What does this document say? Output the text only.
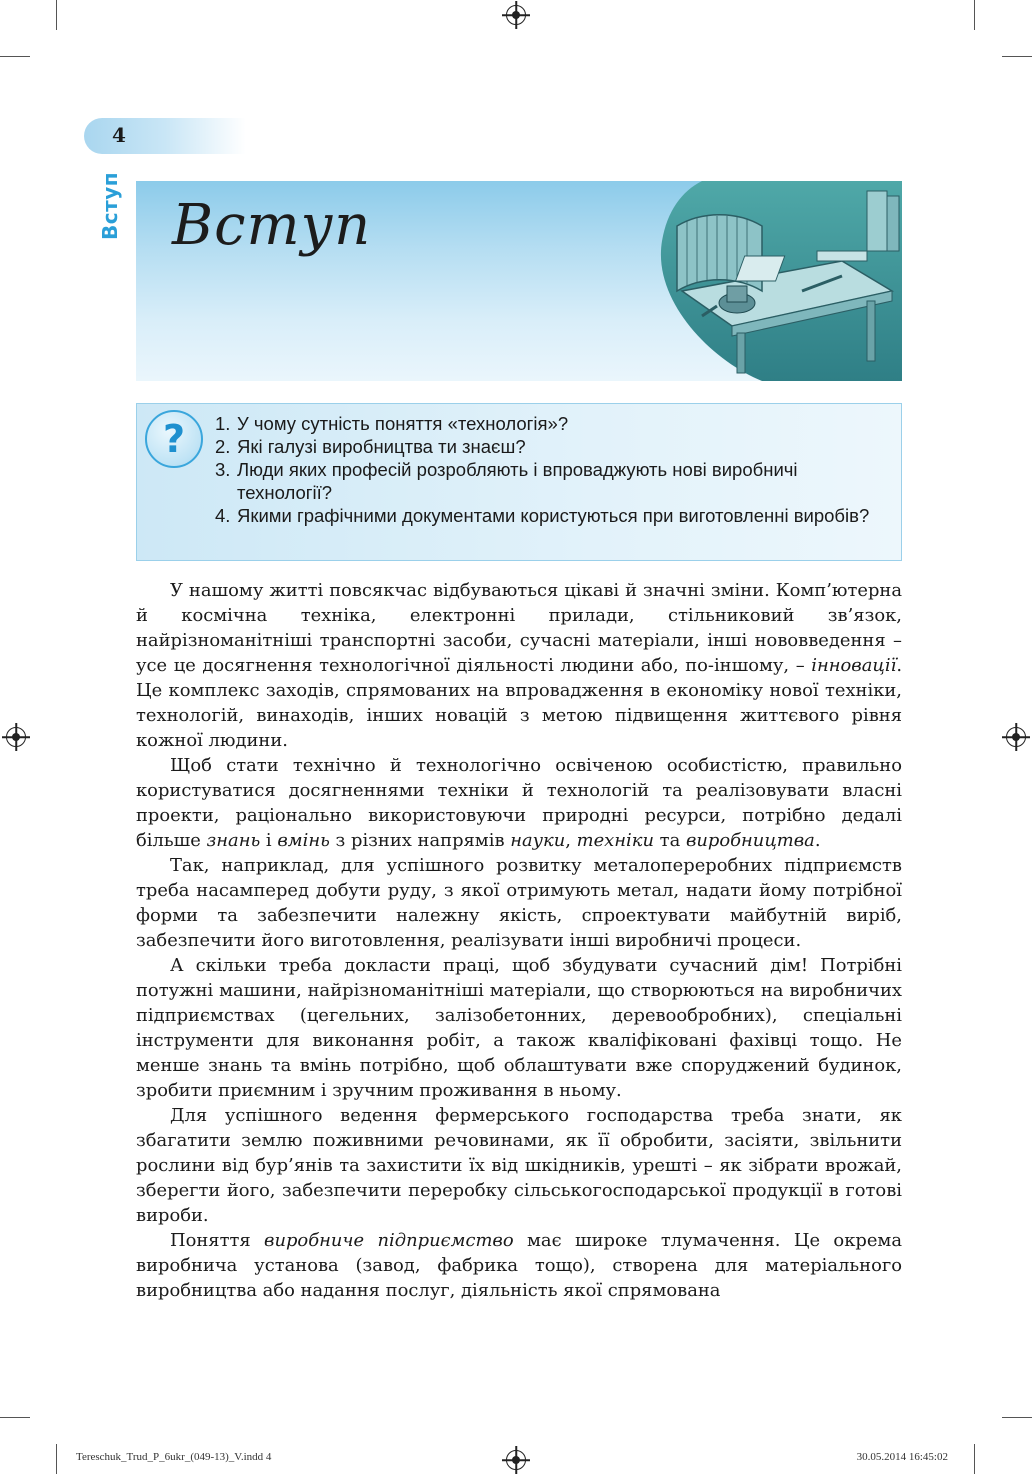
4
Вступ Вступ
?	1. У чому сутність поняття «технологія»?
2. Які галузі виробництва ти знаєш?
3. Люди яких професій розробляють і впроваджують нові виробничі технології?
4. Якими графічними документами користуються при виготовленні виробів?

У нашому житті повсякчас відбуваються цікаві й значні зміни. Комп’ютерна й космічна техніка, електронні прилади, стільниковий зв’язок, найрізноманітніші транспортні засоби, сучасні матеріали, інші нововведення – усе це досягнення технологічної діяльності людини або, по-іншому, – інновації. Це комплекс заходів, спрямованих на впровадження в економіку нової техніки, технологій, винаходів, інших новацій з метою підвищення життєвого рівня кожної людини.

Щоб стати технічно й технологічно освіченою особистістю, правильно користуватися досягненнями техніки й технологій та реалізовувати власні проекти, раціонально використовуючи природні ресурси, потрібно дедалі більше знань і вмінь з різних напрямів науки, техніки та виробництва.

Так, наприклад, для успішного розвитку металопереробних підприємств треба насамперед добути руду, з якої отримують метал, надати йому потрібної форми та забезпечити належну якість, спроектувати майбутній виріб, забезпечити його виготовлення, реалізувати інші виробничі процеси.

А скільки треба докласти праці, щоб збудувати сучасний дім! Потрібні потужні машини, найрізноманітніші матеріали, що створюються на виробничих підприємствах (цегельних, залізобетонних, деревообробних), спеціальні інструменти для виконання робіт, а також кваліфіковані фахівці тощо. Не менше знань та вмінь потрібно, щоб облаштувати вже споруджений будинок, зробити приємним і зручним проживання в ньому.

Для успішного ведення фермерського господарства треба знати, як збагатити землю поживними речовинами, як її обробити, засіяти, звільнити рослини від бур’янів та захистити їх від шкідників, урешті – як зібрати врожай, зберегти його, забезпечити переробку сільськогосподарської продукції в готові вироби.

Поняття виробниче підприємство має широке тлумачення. Це окрема виробнича установа (завод, фабрика тощо), створена для матеріального виробництва або надання послуг, діяльність якої спрямована

Tereschuk_Trud_P_6ukr_(049-13)_V.indd 4	30.05.2014 16:45:02
